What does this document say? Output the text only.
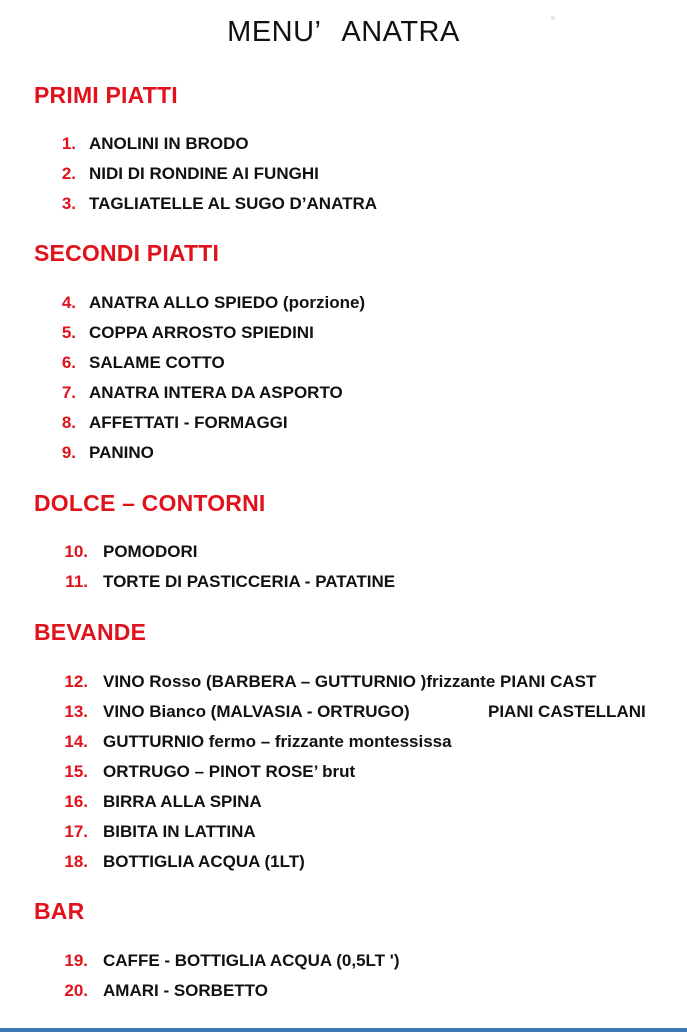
MENU’ ANATRA
PRIMI PIATTI
1. ANOLINI IN BRODO
2. NIDI DI RONDINE AI FUNGHI
3. TAGLIATELLE AL SUGO D’ANATRA
SECONDI PIATTI
4. ANATRA ALLO SPIEDO (porzione)
5. COPPA ARROSTO SPIEDINI
6. SALAME COTTO
7. ANATRA INTERA DA ASPORTO
8. AFFETTATI - FORMAGGI
9. PANINO
DOLCE – CONTORNI
10. POMODORI
11. TORTE DI PASTICCERIA - PATATINE
BEVANDE
12. VINO Rosso (BARBERA – GUTTURNIO )frizzante PIANI CAST
13. VINO Bianco (MALVASIA - ORTRUGO)	PIANI CASTELLANI
14. GUTTURNIO fermo – frizzante montessissa
15. ORTRUGO – PINOT ROSE’ brut
16. BIRRA ALLA SPINA
17. BIBITA IN LATTINA
18. BOTTIGLIA ACQUA (1LT)
BAR
19. CAFFE - BOTTIGLIA ACQUA (0,5LT ')
20. AMARI - SORBETTO
